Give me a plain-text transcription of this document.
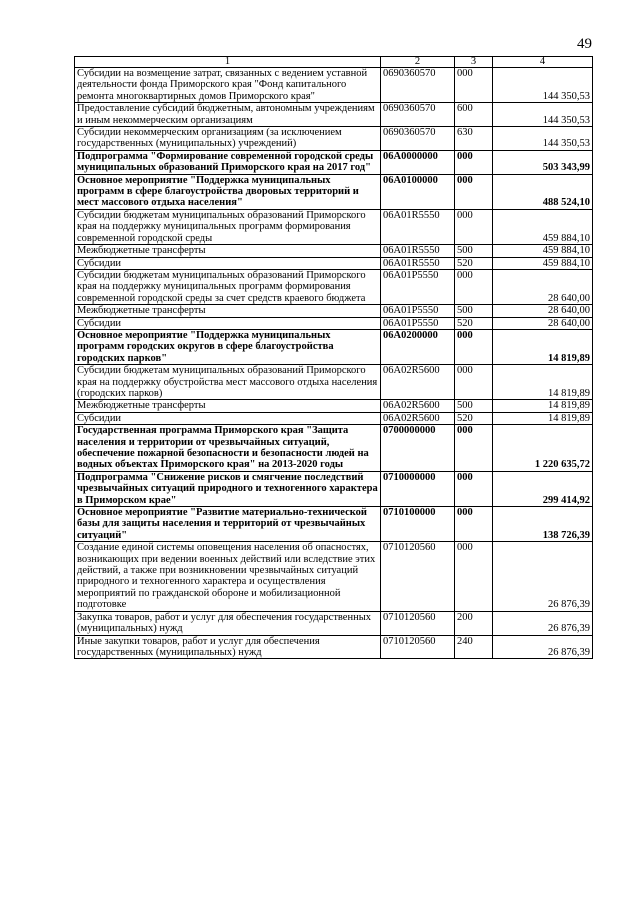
49
1	2	3	4
Субсидии на возмещение затрат, связанных с ведением уставной деятельности фонда Приморского края "Фонд капитального ремонта многоквартирных домов Приморского края"	0690360570	000	144 350,53
Предоставление субсидий бюджетным, автономным учреждениям и иным некоммерческим организациям	0690360570	600	144 350,53
Субсидии некоммерческим организациям (за исключением государственных (муниципальных) учреждений)	0690360570	630	144 350,53
Подпрограмма "Формирование современной городской среды муниципальных образований Приморского края на 2017 год"	06А0000000	000	503 343,99
Основное мероприятие "Поддержка муниципальных программ в сфере благоустройства дворовых территорий и мест массового отдыха населения"	06А0100000	000	488 524,10
Субсидии бюджетам муниципальных образований Приморского края на поддержку муниципальных программ формирования современной городской среды	06А01R5550	000	459 884,10
Межбюджетные трансферты	06А01R5550	500	459 884,10
Субсидии	06А01R5550	520	459 884,10
Субсидии бюджетам муниципальных образований Приморского края на поддержку муниципальных программ формирования современной городской среды за счет средств краевого бюджета	06А01Р5550	000	28 640,00
Межбюджетные трансферты	06А01Р5550	500	28 640,00
Субсидии	06А01Р5550	520	28 640,00
Основное мероприятие "Поддержка муниципальных программ городских округов в сфере благоустройства городских парков"	06А0200000	000	14 819,89
Субсидии бюджетам муниципальных образований Приморского края на поддержку обустройства мест массового отдыха населения (городских парков)	06А02R5600	000	14 819,89
Межбюджетные трансферты	06А02R5600	500	14 819,89
Субсидии	06А02R5600	520	14 819,89
Государственная программа Приморского края "Защита населения и территории от чрезвычайных ситуаций, обеспечение пожарной безопасности и безопасности людей на водных объектах Приморского края" на 2013-2020 годы	0700000000	000	1 220 635,72
Подпрограмма "Снижение рисков и смягчение последствий чрезвычайных ситуаций природного и техногенного характера в Приморском крае"	0710000000	000	299 414,92
Основное мероприятие "Развитие материально-технической базы для защиты населения и территорий от чрезвычайных ситуаций"	0710100000	000	138 726,39
Создание единой системы оповещения населения об опасностях, возникающих при ведении военных действий или вследствие этих действий, а также при возникновении чрезвычайных ситуаций природного и техногенного характера и осуществления мероприятий по гражданской обороне и мобилизационной подготовке	0710120560	000	26 876,39
Закупка товаров, работ и услуг для обеспечения государственных (муниципальных) нужд	0710120560	200	26 876,39
Иные закупки товаров, работ и услуг для обеспечения государственных (муниципальных) нужд	0710120560	240	26 876,39
